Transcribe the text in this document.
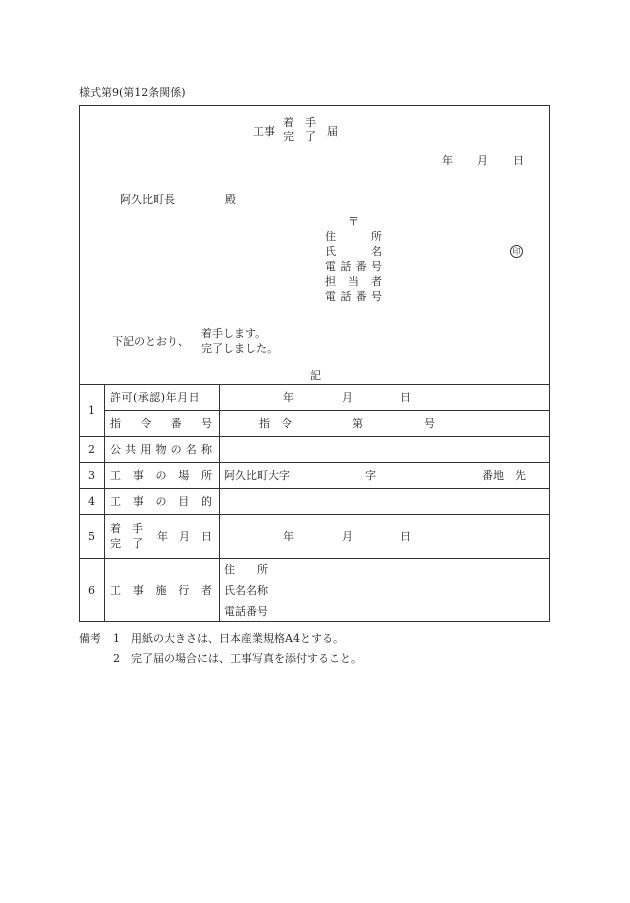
様式第9(第12条関係)
工事
着　手
完　了 届
年 月 日
阿久比町長	殿
〒
住	所
氏	名
電 話 番 号
担 当 者
電 話 番 号
印
下記のとおり、
着手します。
完了しました。
記
1
許可(承認)年月日	年	月	日
指 令 番 号	指　令	第	号
2 公 共 用 物 の 名 称
3 工 事 の 場 所 阿久比町大字	字	番地　先
4 工 事 の 目 的
5
着　手
完　了
年 月 日	年	月	日
6 工 事 施 行 者
住　　所
氏名名称
電話番号
備考 1 用紙の大きさは、日本産業規格A4とする。
2 完了届の場合には、工事写真を添付すること。
